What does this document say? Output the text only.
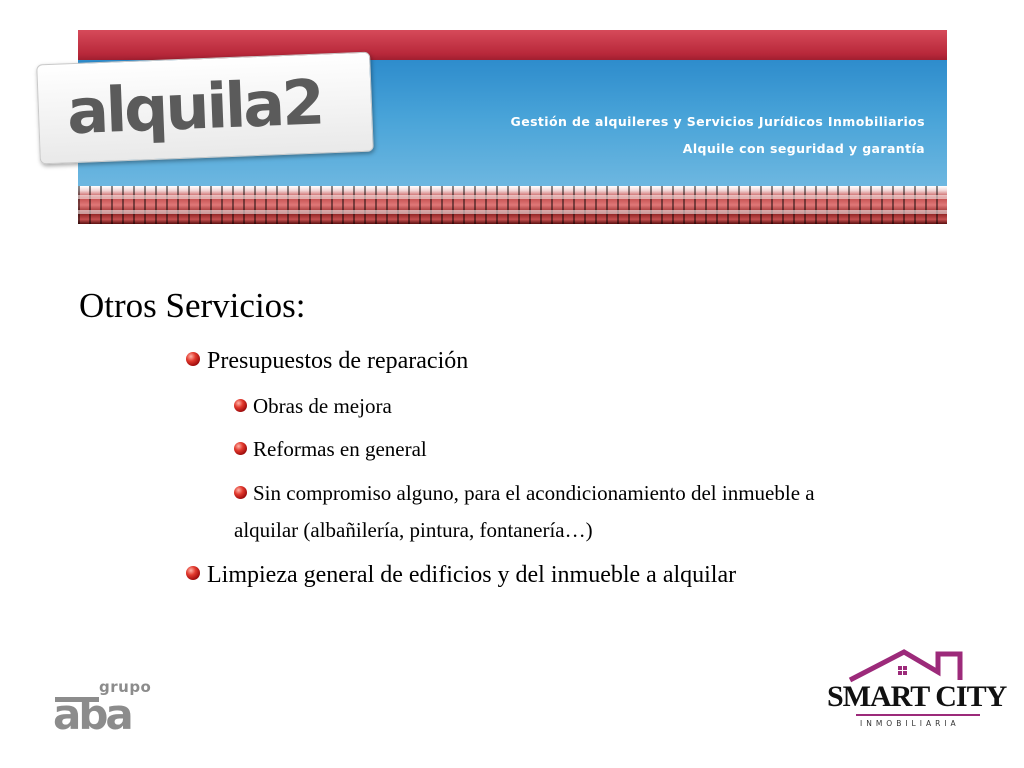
Gestión de alquileres y Servicios Jurídicos Inmobiliarios
Alquile con seguridad y garantía
alquila2
Otros Servicios:
Presupuestos de reparación
Obras de mejora
Reformas en general
Sin compromiso alguno, para el acondicionamiento del inmueble a
alquilar (albañilería, pintura, fontanería…)
Limpieza general de edificios y del inmueble a alquilar
grupo
aba	SMART CITY
INMOBILIARIA
